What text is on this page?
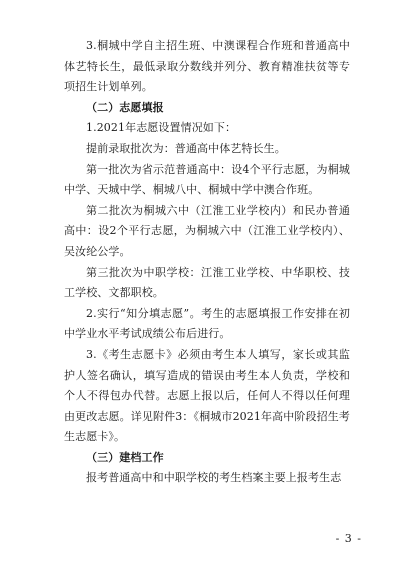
3.桐城中学自主招生班、中澳课程合作班和普通高中体艺特长生，最低录取分数线并列分、教育精准扶贫等专项招生计划单列。

（二）志愿填报

1.2021年志愿设置情况如下：

提前录取批次为：普通高中体艺特长生。

第一批次为省示范普通高中：设4个平行志愿，为桐城中学、天城中学、桐城八中、桐城中学中澳合作班。

第二批次为桐城六中（江淮工业学校内）和民办普通高中：设2个平行志愿，为桐城六中（江淮工业学校内）、吴汝纶公学。

第三批次为中职学校：江淮工业学校、中华职校、技工学校、文都职校。

2.实行“知分填志愿”。考生的志愿填报工作安排在初中学业水平考试成绩公布后进行。

3.《考生志愿卡》必须由考生本人填写，家长或其监护人签名确认，填写造成的错误由考生本人负责，学校和个人不得包办代替。志愿上报以后，任何人不得以任何理由更改志愿。详见附件3：《桐城市2021年高中阶段招生考生志愿卡》。

（三）建档工作

报考普通高中和中职学校的考生档案主要上报考生志

- 3 -
